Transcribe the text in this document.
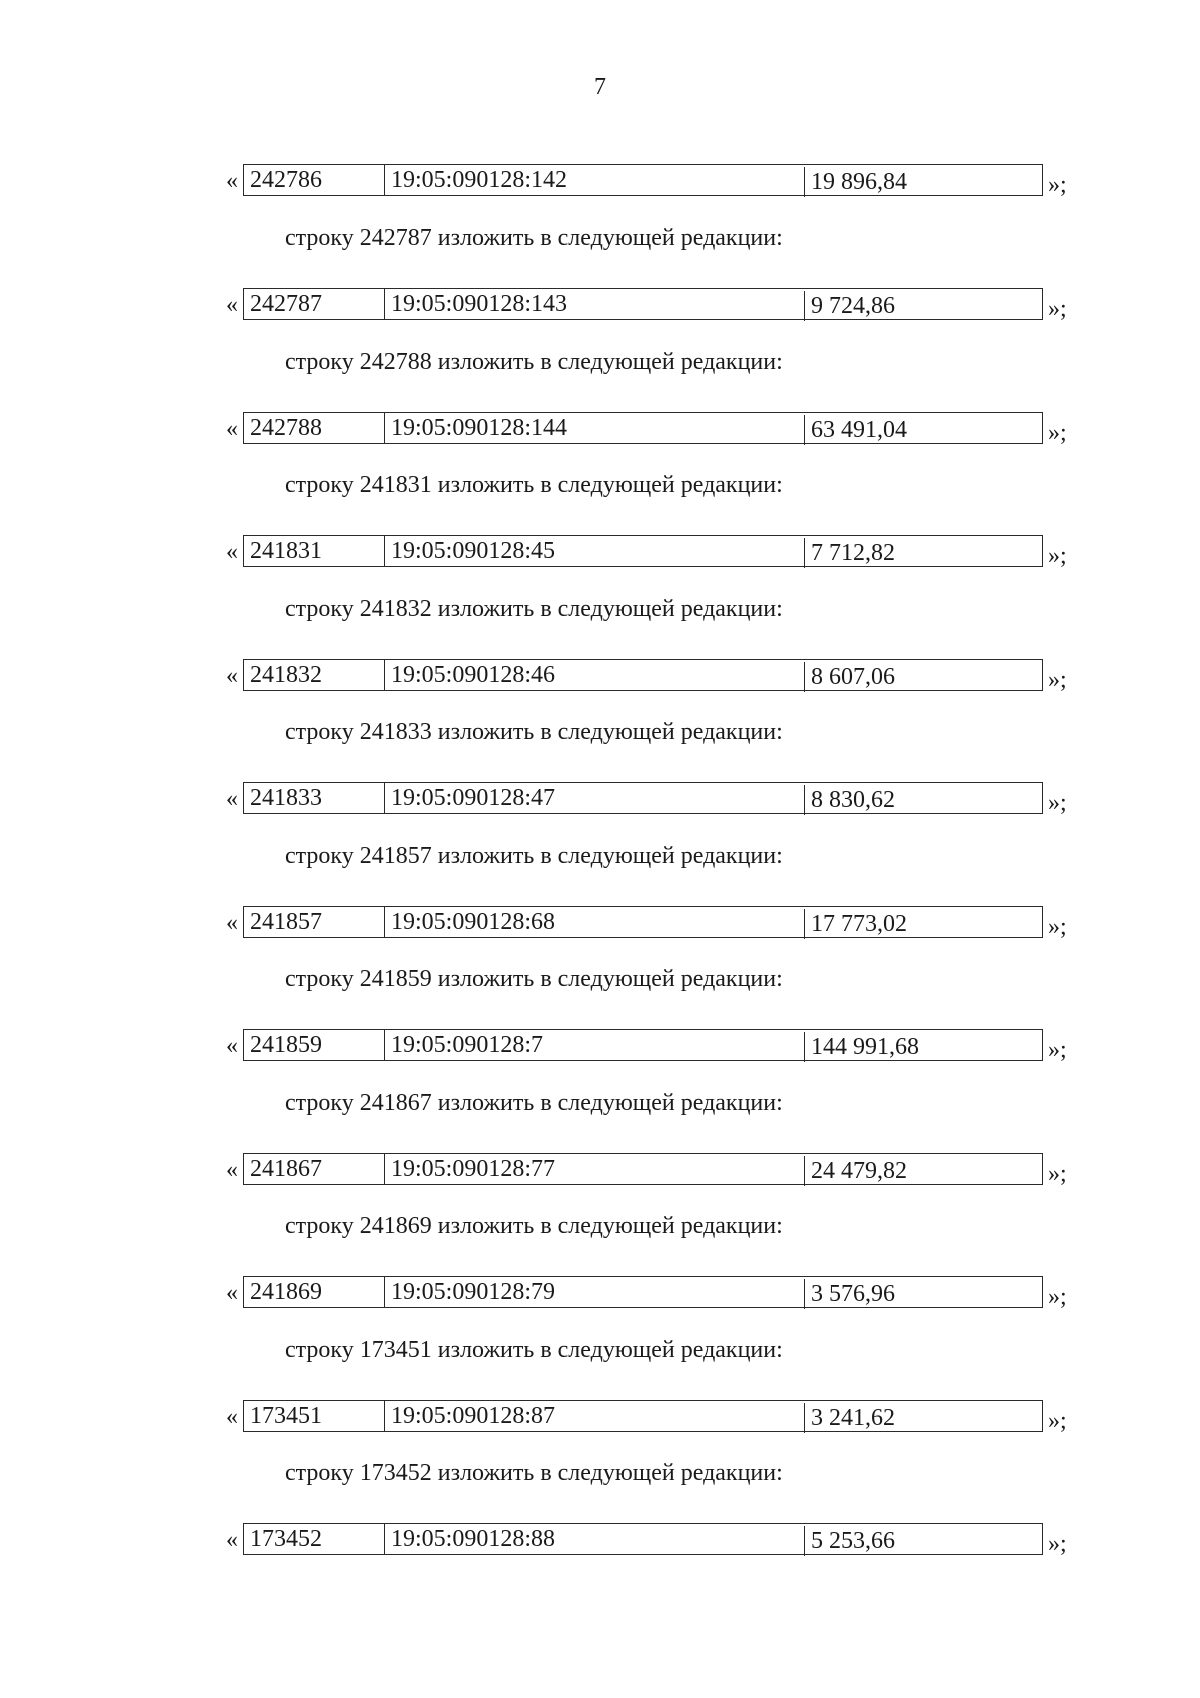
7
« 242786	19:05:090128:142	19 896,84	»;
строку 242787 изложить в следующей редакции:
« 242787	19:05:090128:143	9 724,86	»;
строку 242788 изложить в следующей редакции:
« 242788	19:05:090128:144	63 491,04	»;
строку 241831 изложить в следующей редакции:
« 241831	19:05:090128:45	7 712,82	»;
строку 241832 изложить в следующей редакции:
« 241832	19:05:090128:46	8 607,06	»;
строку 241833 изложить в следующей редакции:
« 241833	19:05:090128:47	8 830,62	»;
строку 241857 изложить в следующей редакции:
« 241857	19:05:090128:68	17 773,02	»;
строку 241859 изложить в следующей редакции:
« 241859	19:05:090128:7	144 991,68	»;
строку 241867 изложить в следующей редакции:
« 241867	19:05:090128:77	24 479,82	»;
строку 241869 изложить в следующей редакции:
« 241869	19:05:090128:79	3 576,96	»;
строку 173451 изложить в следующей редакции:
« 173451	19:05:090128:87	3 241,62	»;
строку 173452 изложить в следующей редакции:
« 173452	19:05:090128:88	5 253,66	»;
